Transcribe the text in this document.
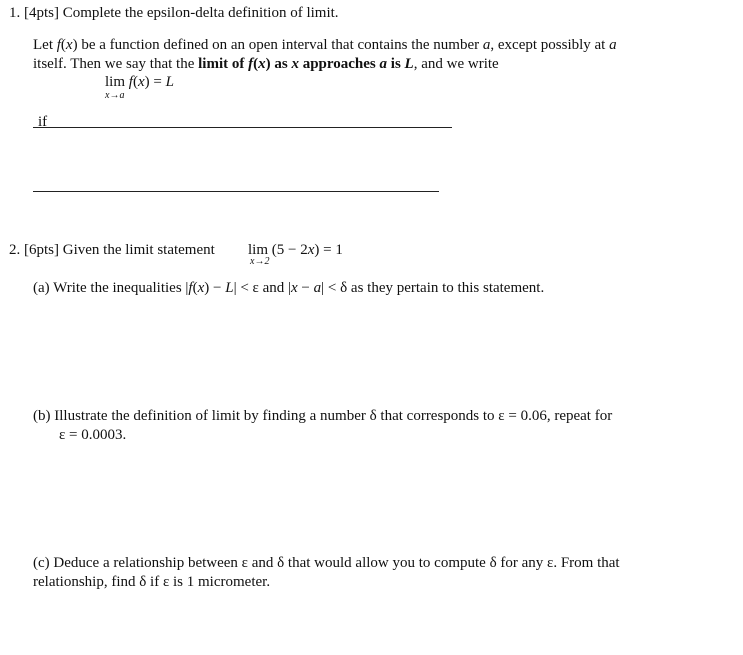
1. [4pts] Complete the epsilon-delta definition of limit.
Let f(x) be a function defined on an open interval that contains the number a, except possibly at a
itself. Then we say that the limit of f(x) as x approaches a is L, and we write
lim f(x) = L
x→a
if
2. [6pts] Given the limit statement lim (5 − 2x) = 1
x→2
(a) Write the inequalities |f(x) − L| < ε and |x − a| < δ as they pertain to this statement.
(b) Illustrate the definition of limit by finding a number δ that corresponds to ε = 0.06, repeat for
ε = 0.0003.
(c) Deduce a relationship between ε and δ that would allow you to compute δ for any ε. From that
relationship, find δ if ε is 1 micrometer.
